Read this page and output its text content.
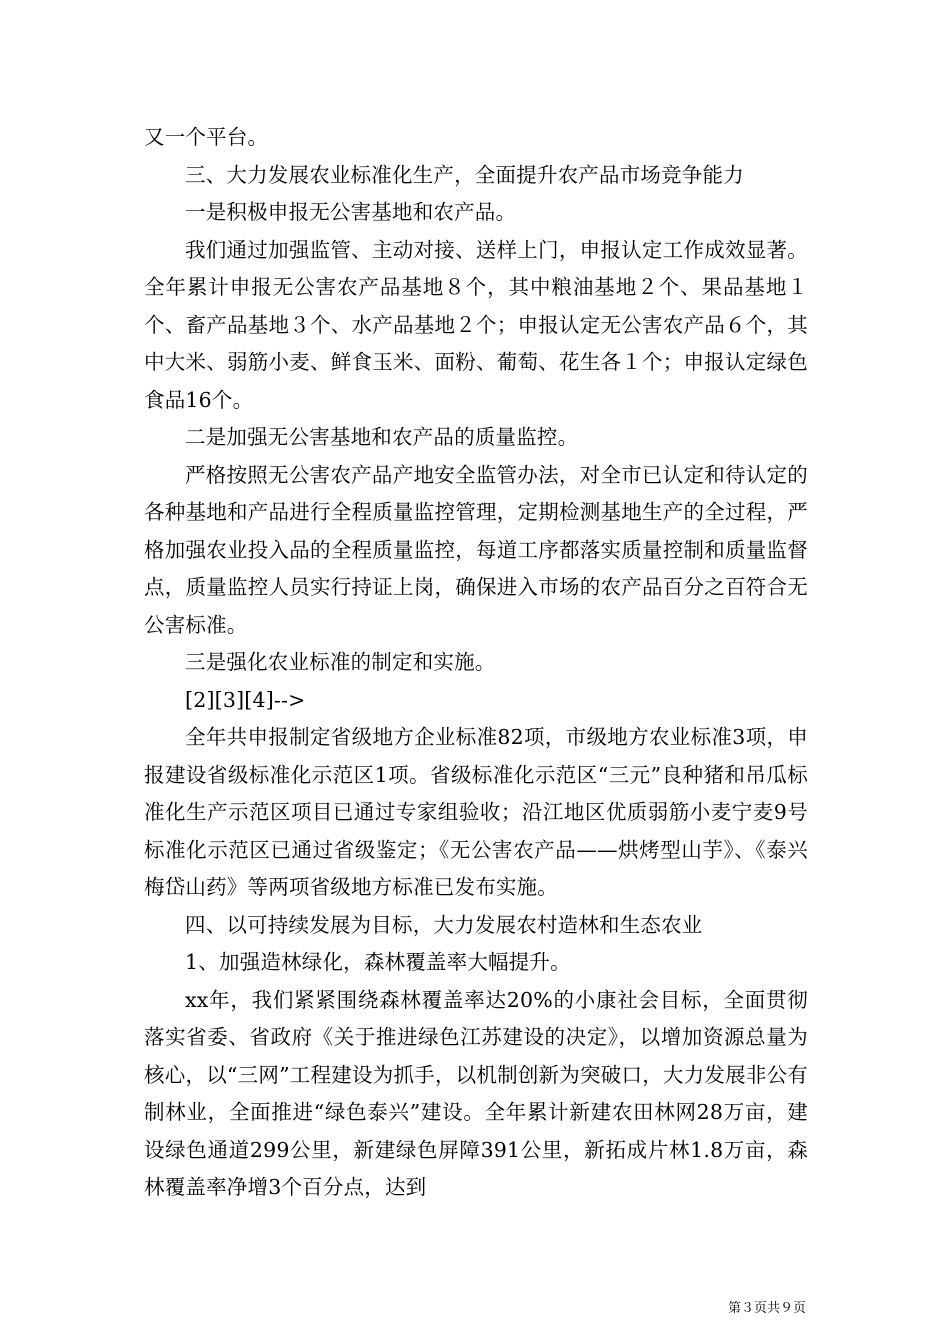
又一个平台。

三、大力发展农业标准化生产，全面提升农产品市场竞争能力

一是积极申报无公害基地和农产品。

我们通过加强监管、主动对接、送样上门，申报认定工作成效显著。全年累计申报无公害农产品基地８个，其中粮油基地２个、果品基地１个、畜产品基地３个、水产品基地２个；申报认定无公害农产品６个，其中大米、弱筋小麦、鲜食玉米、面粉、葡萄、花生各１个；申报认定绿色食品16个。

二是加强无公害基地和农产品的质量监控。

严格按照无公害农产品产地安全监管办法，对全市已认定和待认定的各种基地和产品进行全程质量监控管理，定期检测基地生产的全过程，严格加强农业投入品的全程质量监控，每道工序都落实质量控制和质量监督点，质量监控人员实行持证上岗，确保进入市场的农产品百分之百符合无公害标准。

三是强化农业标准的制定和实施。

[2][3][4]-->

全年共申报制定省级地方企业标准82项，市级地方农业标准3项，申报建设省级标准化示范区1项。省级标准化示范区“三元”良种猪和吊瓜标准化生产示范区项目已通过专家组验收；沿江地区优质弱筋小麦宁麦9号标准化示范区已通过省级鉴定；《无公害农产品——烘烤型山芋》、《泰兴梅岱山药》等两项省级地方标准已发布实施。

四、以可持续发展为目标，大力发展农村造林和生态农业

1、加强造林绿化，森林覆盖率大幅提升。

xx年，我们紧紧围绕森林覆盖率达20%的小康社会目标，全面贯彻落实省委、省政府《关于推进绿色江苏建设的决定》，以增加资源总量为核心，以“三网”工程建设为抓手，以机制创新为突破口，大力发展非公有制林业，全面推进“绿色泰兴”建设。全年累计新建农田林网28万亩，建设绿色通道299公里，新建绿色屏障391公里，新拓成片林1.8万亩，森林覆盖率净增3个百分点，达到

第３页共９页
